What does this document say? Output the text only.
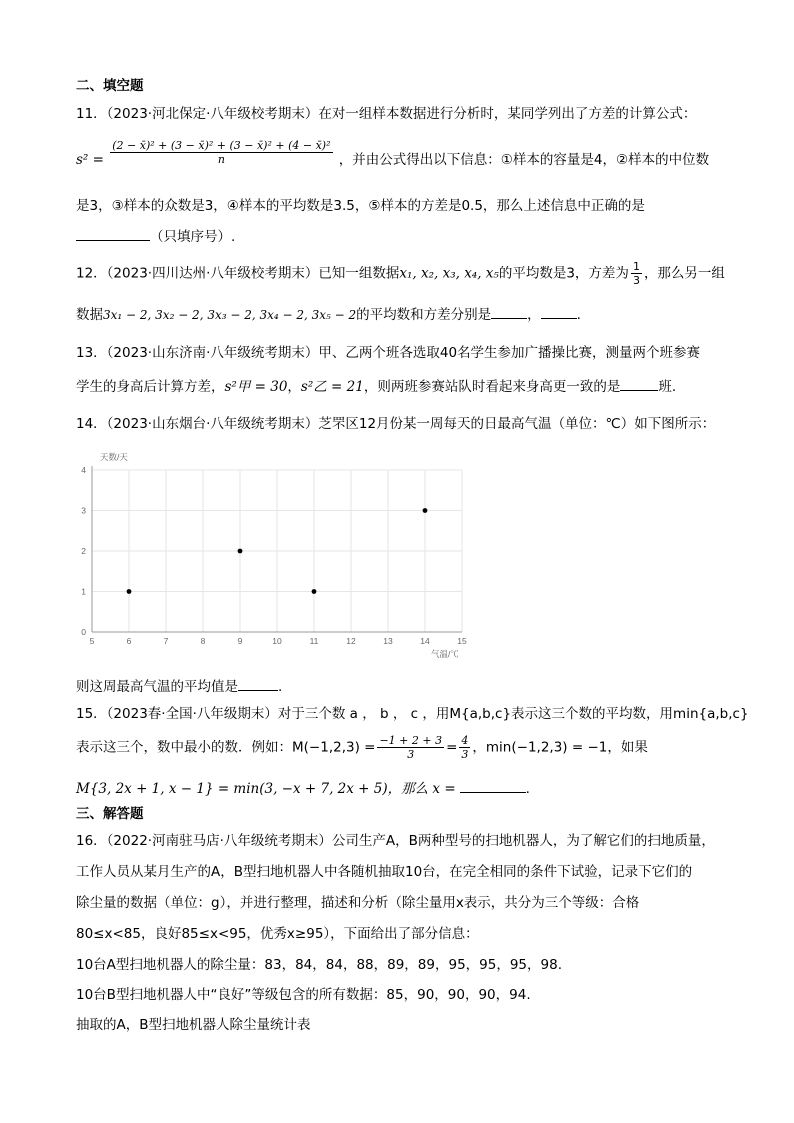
二、填空题
11．（2023·河北保定·八年级校考期末）在对一组样本数据进行分析时，某同学列出了方差的计算公式：
$s^2 = \frac{\text{(2 − x̄)² + (3 − x̄)² + (3 − x̄)² + (4 − x̄)²}}{n}$ ，并由公式得出以下信息：①样本的容量是4，②样本的中位数
是3，③样本的众数是3，④样本的平均数是3.5，⑤样本的方差是0.5，那么上述信息中正确的是
（只填序号）.
12．（2023·四川达州·八年级校考期末）已知一组数据x₁, x₂, x₃, x₄, x₅的平均数是3，方差为 $\frac{1}{3}$ ，那么另一组
数据3x₁ − 2, 3x₂ − 2, 3x₃ − 2, 3x₄ − 2, 3x₅ − 2的平均数和方差分别是	，	.
13．（2023·山东济南·八年级统考期末）甲、乙两个班各选取40名学生参加广播操比赛，测量两个班参赛
学生的身高后计算方差，s²甲 = 30，s²乙 = 21，则两班参赛站队时看起来身高更一致的是	班.
14．（2023·山东烟台·八年级统考期末）芝罘区12月份某一周每天的日最高气温（单位：℃）如下图所示：
5	6	7	8	9	10	11	12	13	14	15
0
1
2
3
4
天数/天
气温/℃
则这周最高气温的平均值是	.
15．（2023春·全国·八年级期末）对于三个数 a ， b ， c ，用M{a,b,c}表示这三个数的平均数，用min{a,b,c}
表示这三个，数中最小的数．例如：$M(-1,2,3) = \frac{-1 + 2 + 3}{3} = \frac{4}{3}$ ，min(−1,2,3) = −1，如果
M{3, 2x + 1, x − 1} = min(3, −x + 7, 2x + 5)，那么 x =	.
三、解答题
16．（2022·河南驻马店·八年级统考期末）公司生产A，B两种型号的扫地机器人，为了解它们的扫地质量，
工作人员从某月生产的A，B型扫地机器人中各随机抽取10台，在完全相同的条件下试验，记录下它们的
除尘量的数据（单位：g），并进行整理，描述和分析（除尘量用x表示，共分为三个等级：合格
80≤x<85，良好85≤x<95，优秀x≥95），下面给出了部分信息：
10台A型扫地机器人的除尘量：83，84，84，88，89，89，95，95，95，98.
10台B型扫地机器人中“良好”等级包含的所有数据：85，90，90，90，94.
抽取的A，B型扫地机器人除尘量统计表
